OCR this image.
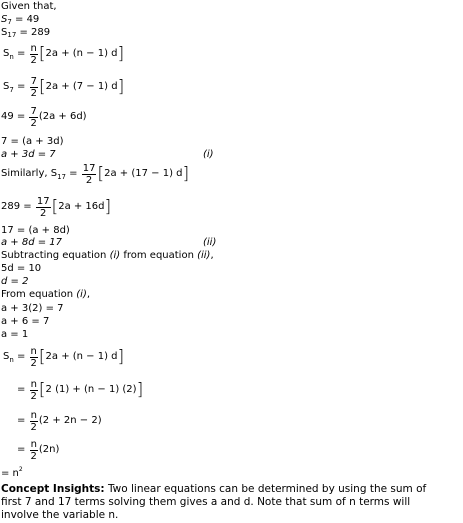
Given that,
$S_7 = 49$
$S_{17} = 289$
$S_n = \frac{n}{2} [2a + (n - 1)$ d]
$S_7 = \frac{7}{2} [2a + (7 - 1)$ d]
$49 = \frac{7}{2} (2a + 6d)$
7 = (a + 3d)
a + 3d = 7	(i)
Similarly, $S_{17} = \frac{17}{2} [2a + (17 - 1)$ d]
$289 = \frac{17}{2} [2a + 16d]$
17 = (a + 8d)
a + 8d = 17	(ii)
Subtracting equation (i) from equation (ii),
5d = 10
d = 2
From equation (i),
a + 3(2) = 7
a + 6 = 7
a = 1
$S_n = \frac{n}{2} [2a + (n - 1)$ d]
= $\frac{n}{2} [2$ (1) + (n − 1) (2)]
= $\frac{n}{2} (2 + 2n - 2)$
= $\frac{n}{2} (2n)$
= $n^2$
Concept Insights: Two linear equations can be determined by using the sum of
first 7 and 17 terms solving them gives a and d. Note that sum of n terms will
involve the variable n.
